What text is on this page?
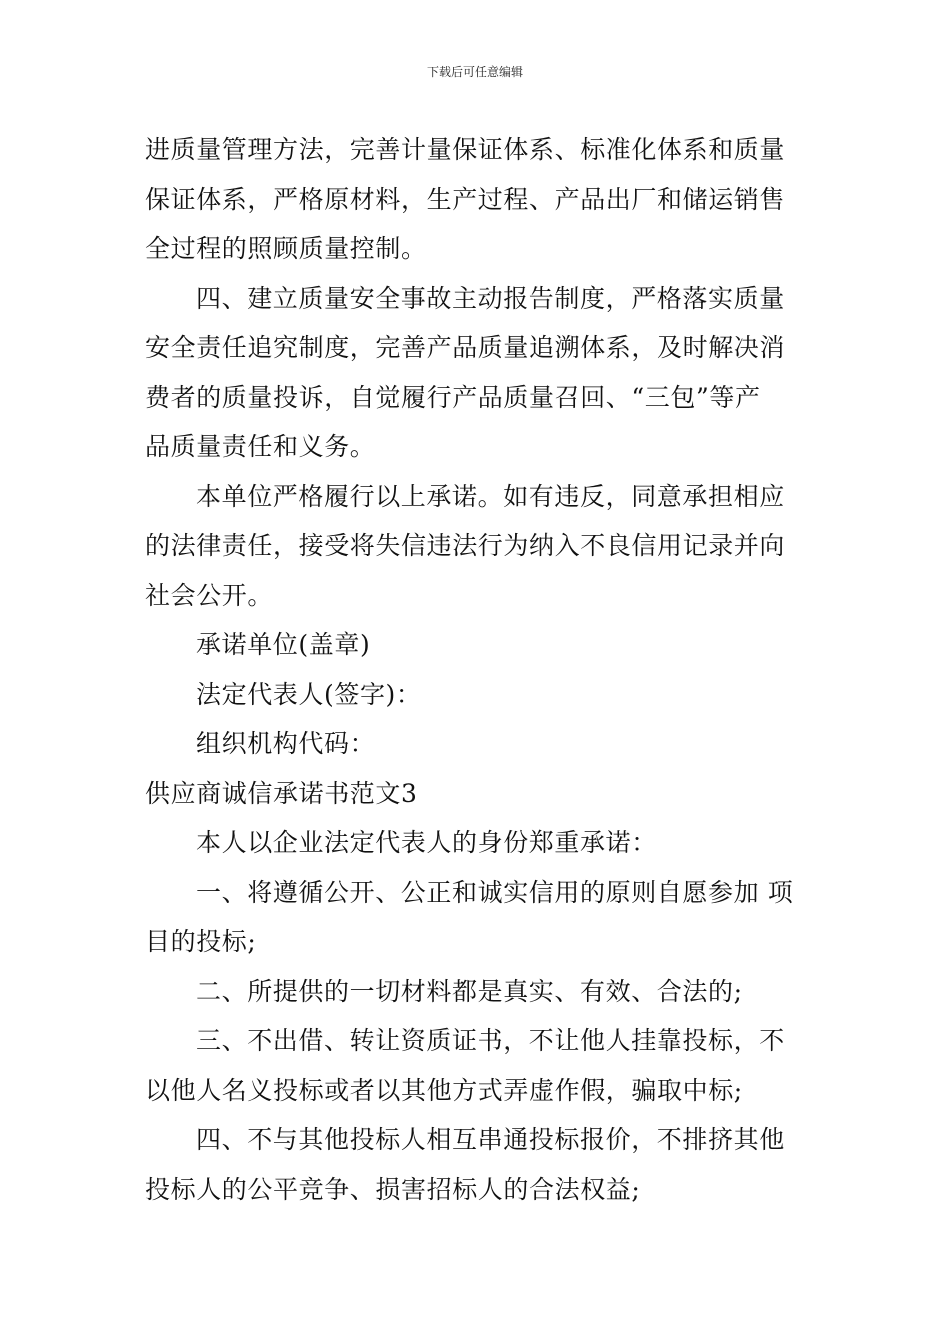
下载后可任意编辑

进质量管理方法，完善计量保证体系、标准化体系和质量

保证体系，严格原材料，生产过程、产品出厂和储运销售

全过程的照顾质量控制。

四、建立质量安全事故主动报告制度，严格落实质量

安全责任追究制度，完善产品质量追溯体系，及时解决消

费者的质量投诉，自觉履行产品质量召回、“三包”等产

品质量责任和义务。

本单位严格履行以上承诺。如有违反，同意承担相应

的法律责任，接受将失信违法行为纳入不良信用记录并向

社会公开。

承诺单位(盖章)

法定代表人(签字)：

组织机构代码：

供应商诚信承诺书范文3

本人以企业法定代表人的身份郑重承诺：

一、将遵循公开、公正和诚实信用的原则自愿参加 项

目的投标;

二、所提供的一切材料都是真实、有效、合法的;

三、不出借、转让资质证书，不让他人挂靠投标，不

以他人名义投标或者以其他方式弄虚作假，骗取中标;

四、不与其他投标人相互串通投标报价，不排挤其他

投标人的公平竞争、损害招标人的合法权益;
